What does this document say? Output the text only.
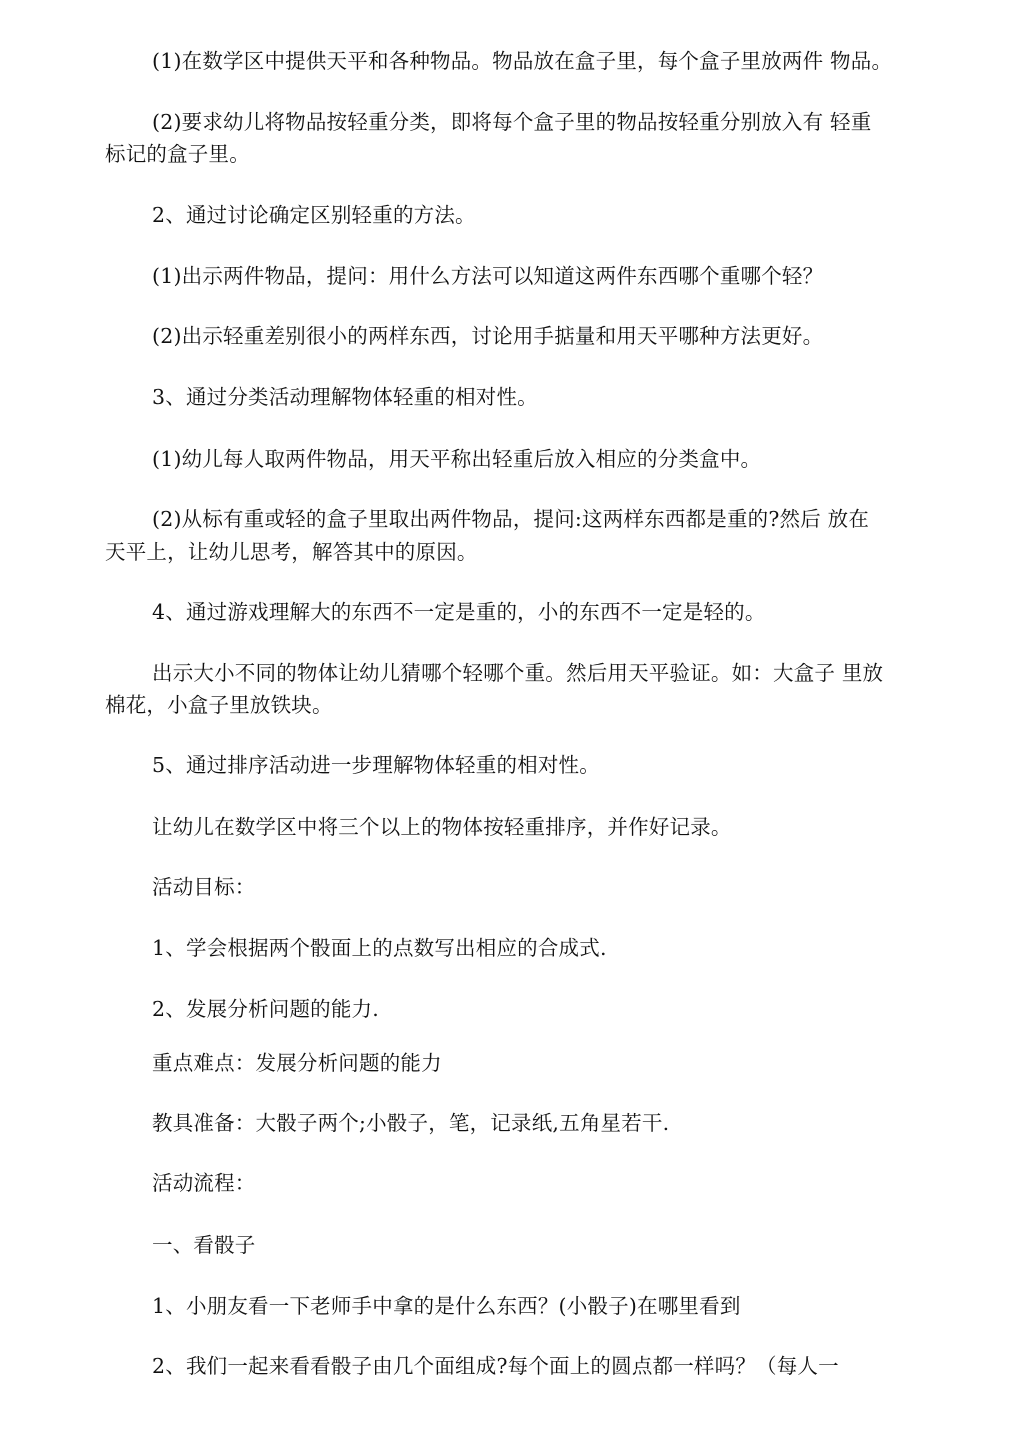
(1)在数学区中提供天平和各种物品。物品放在盒子里，每个盒子里放两件 物品。

(2)要求幼儿将物品按轻重分类，即将每个盒子里的物品按轻重分别放入有 轻重

标记的盒子里。

2、通过讨论确定区别轻重的方法。

(1)出示两件物品，提问：用什么方法可以知道这两件东西哪个重哪个轻？

(2)出示轻重差别很小的两样东西，讨论用手掂量和用天平哪种方法更好。

3、通过分类活动理解物体轻重的相对性。

(1)幼儿每人取两件物品，用天平称出轻重后放入相应的分类盒中。

(2)从标有重或轻的盒子里取出两件物品，提问:这两样东西都是重的?然后 放在

天平上，让幼儿思考，解答其中的原因。

4、通过游戏理解大的东西不一定是重的，小的东西不一定是轻的。

出示大小不同的物体让幼儿猜哪个轻哪个重。然后用天平验证。如：大盒子 里放

棉花，小盒子里放铁块。

5、通过排序活动进一步理解物体轻重的相对性。

让幼儿在数学区中将三个以上的物体按轻重排序，并作好记录。

活动目标：

1、学会根据两个骰面上的点数写出相应的合成式.

2、发展分析问题的能力.

重点难点：发展分析问题的能力

教具准备：大骰子两个;小骰子，笔，记录纸,五角星若干.

活动流程：

一、看骰子

1、小朋友看一下老师手中拿的是什么东西？(小骰子)在哪里看到

2、我们一起来看看骰子由几个面组成?每个面上的圆点都一样吗？（每人一
